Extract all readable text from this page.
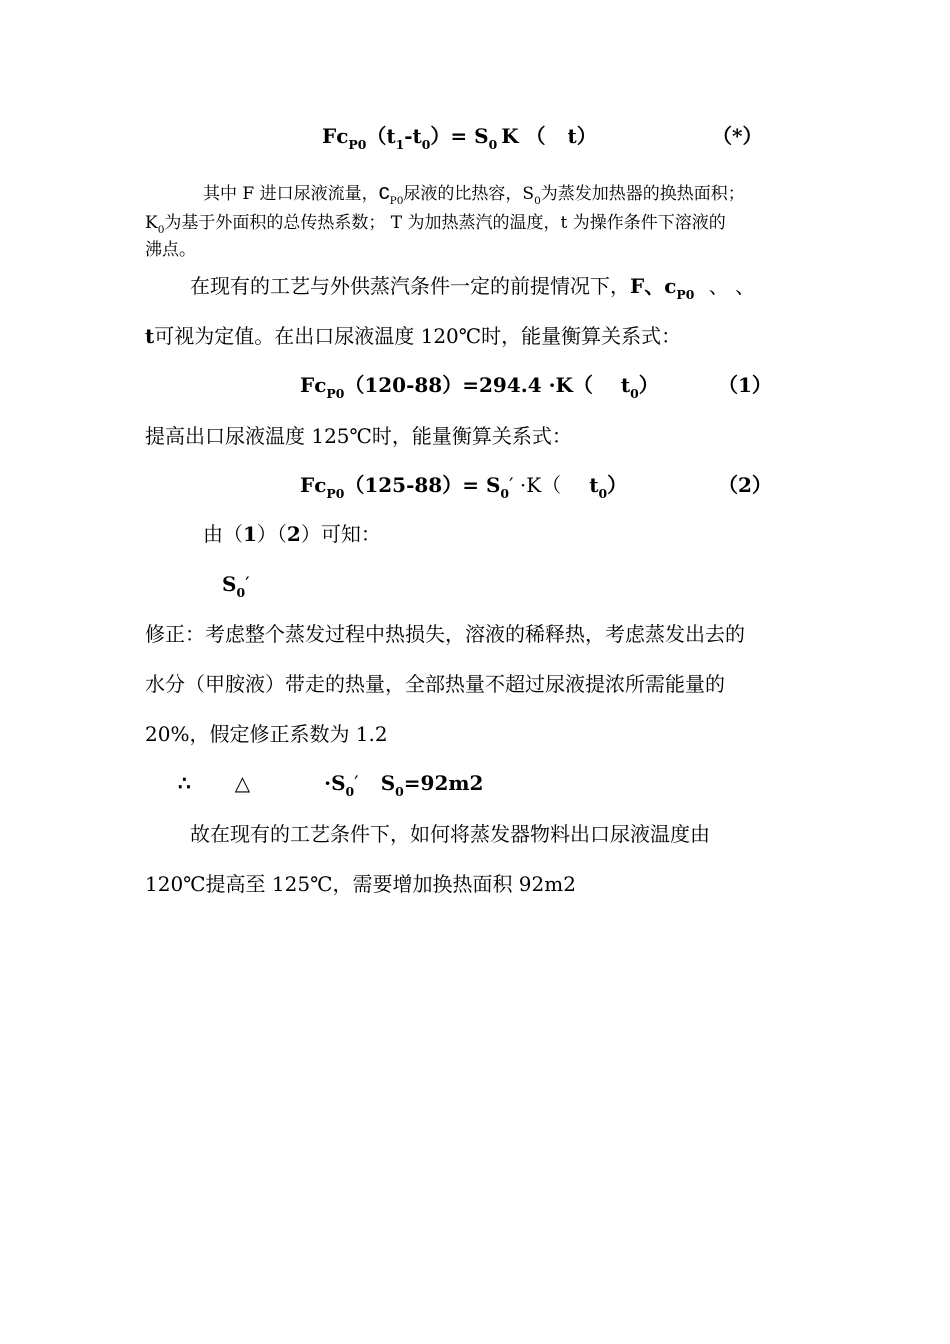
$Fc_{P0}(t_1-t_0)= S_0$ K （ t）	（*）
其中 F 进口尿液流量，$c_{P0}$尿液的比热容，$S_0$为蒸发加热器的换热面积；
$K_0$为基于外面积的总传热系数； T 为加热蒸汽的温度，t 为操作条件下溶液的
沸点。
在现有的工艺与外供蒸汽条件一定的前提情况下，F、$c_{P0}$ 、 、
t可视为定值。在出口尿液温度 120℃时，能量衡算关系式：
$Fc_{P0}(120-88)=294.4 \cdot K$（ $t_0$）	（1）
提高出口尿液温度 125℃时，能量衡算关系式：
$Fc_{P0}(125-88)= S_0' \cdot K$（ $t_0$）	（2）
由（1）（2）可知：
$S_0'$
修正：考虑整个蒸发过程中热损失，溶液的稀释热，考虑蒸发出去的
水分（甲胺液）带走的热量，全部热量不超过尿液提浓所需能量的
20%，假定修正系数为 1.2
∴ △	$\cdot S_0'$ $S_0=92m2$
故在现有的工艺条件下，如何将蒸发器物料出口尿液温度由
120℃提高至 125℃，需要增加换热面积 92m2
